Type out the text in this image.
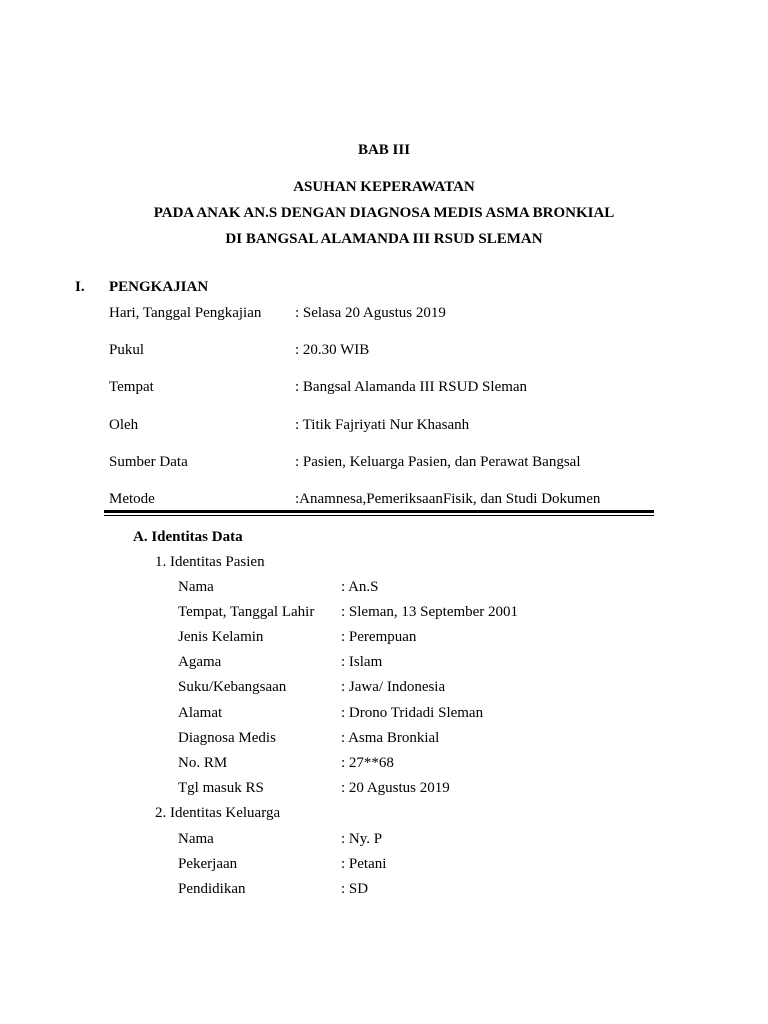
BAB III
ASUHAN KEPERAWATAN
PADA ANAK AN.S DENGAN DIAGNOSA MEDIS ASMA BRONKIAL
DI BANGSAL ALAMANDA III RSUD SLEMAN
I. PENGKAJIAN
Hari, Tanggal Pengkajian : Selasa 20 Agustus 2019
Pukul	: 20.30 WIB
Tempat	: Bangsal Alamanda III RSUD Sleman
Oleh	: Titik Fajriyati Nur Khasanh
Sumber Data	: Pasien, Keluarga Pasien, dan Perawat Bangsal
Metode	:Anamnesa,PemeriksaanFisik, dan Studi Dokumen
A. Identitas Data
1. Identitas Pasien
Nama	: An.S
Tempat, Tanggal Lahir : Sleman, 13 September 2001
Jenis Kelamin	: Perempuan
Agama	: Islam
Suku/Kebangsaan	: Jawa/ Indonesia
Alamat	: Drono Tridadi Sleman
Diagnosa Medis	: Asma Bronkial
No. RM	: 27**68
Tgl masuk RS	: 20 Agustus 2019
2. Identitas Keluarga
Nama	: Ny. P
Pekerjaan	: Petani
Pendidikan	: SD
